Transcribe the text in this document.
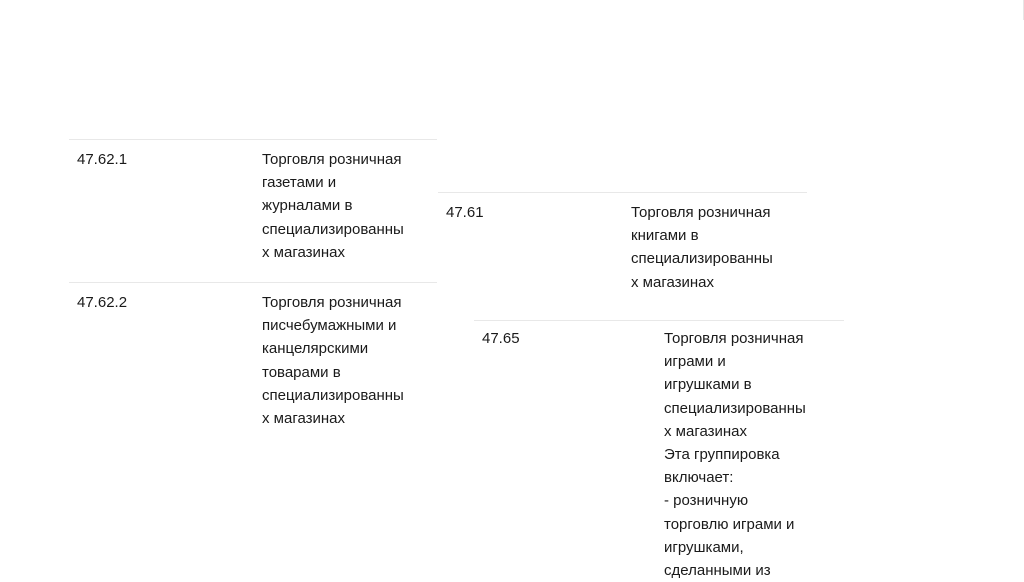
47.62.1	Торговля розничная
газетами и
журналами в
специализированны
х магазинах
47.62.2	Торговля розничная
писчебумажными и
канцелярскими
товарами в
специализированны
х магазинах
47.61	Торговля розничная
книгами в
специализированны
х магазинах
47.65	Торговля розничная
играми и
игрушками в
специализированны
х магазинах
Эта группировка
включает:
- розничную
торговлю играми и
игрушками,
сделанными из
